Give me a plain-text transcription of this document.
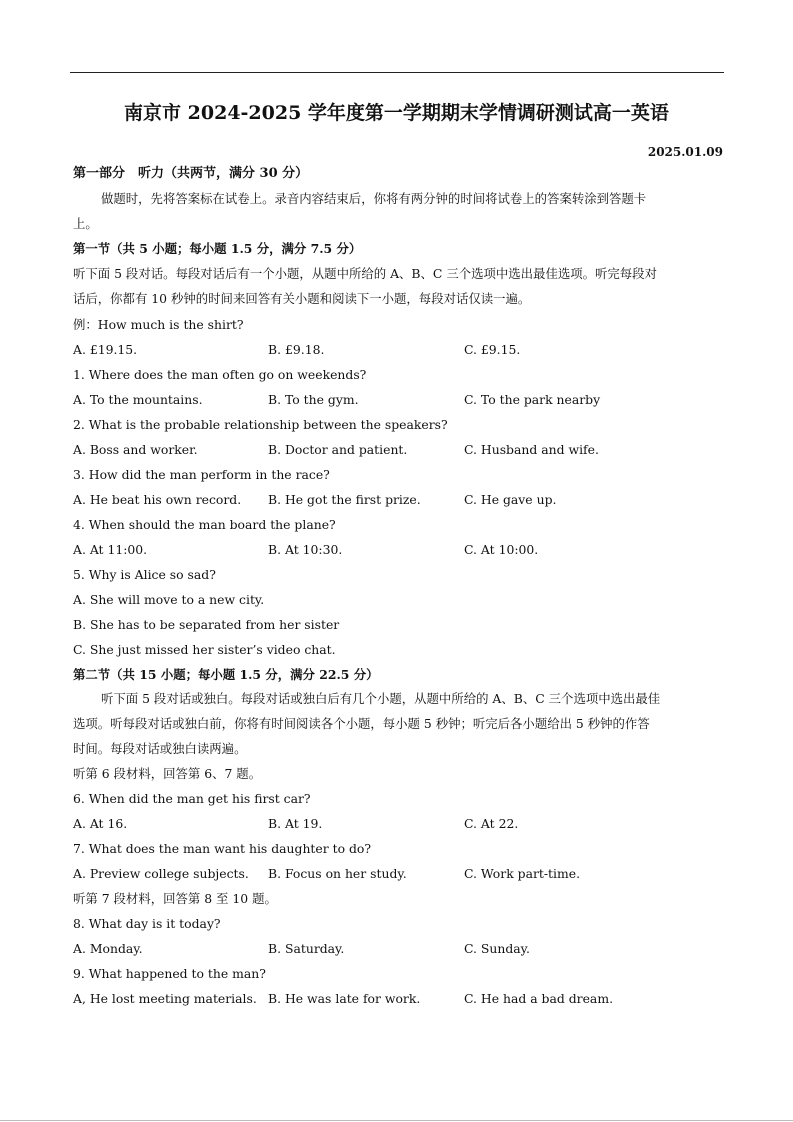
南京市 2024-2025 学年度第一学期期末学情调研测试高一英语
2025.01.09
第一部分　听力（共两节，满分 30 分）
做题时，先将答案标在试卷上。录音内容结束后，你将有两分钟的时间将试卷上的答案转涂到答题卡
上。
第一节（共 5 小题；每小题 1.5 分，满分 7.5 分）
听下面 5 段对话。每段对话后有一个小题，从题中所给的 A、B、C 三个选项中选出最佳选项。听完每段对
话后，你都有 10 秒钟的时间来回答有关小题和阅读下一小题，每段对话仅读一遍。
例：How much is the shirt?
A. £19.15.	B. £9.18.	C. £9.15.
1. Where does the man often go on weekends?
A. To the mountains.	B. To the gym.	C. To the park nearby
2. What is the probable relationship between the speakers?
A. Boss and worker.	B. Doctor and patient.	C. Husband and wife.
3. How did the man perform in the race?
A. He beat his own record. B. He got the first prize.	C. He gave up.
4. When should the man board the plane?
A. At 11:00.	B. At 10:30.	C. At 10:00.
5. Why is Alice so sad?
A. She will move to a new city.
B. She has to be separated from her sister
C. She just missed her sister’s video chat.
第二节（共 15 小题；每小题 1.5 分，满分 22.5 分）
听下面 5 段对话或独白。每段对话或独白后有几个小题，从题中所给的 A、B、C 三个选项中选出最佳
选项。听每段对话或独白前，你将有时间阅读各个小题，每小题 5 秒钟；听完后各小题给出 5 秒钟的作答
时间。每段对话或独白读两遍。
听第 6 段材料，回答第 6、7 题。
6. When did the man get his first car?
A. At 16.	B. At 19.	C. At 22.
7. What does the man want his daughter to do?
A. Preview college subjects. B. Focus on her study.	C. Work part-time.
听第 7 段材料，回答第 8 至 10 题。
8. What day is it today?
A. Monday.	B. Saturday.	C. Sunday.
9. What happened to the man?
A, He lost meeting materials. B. He was late for work.	C. He had a bad dream.
